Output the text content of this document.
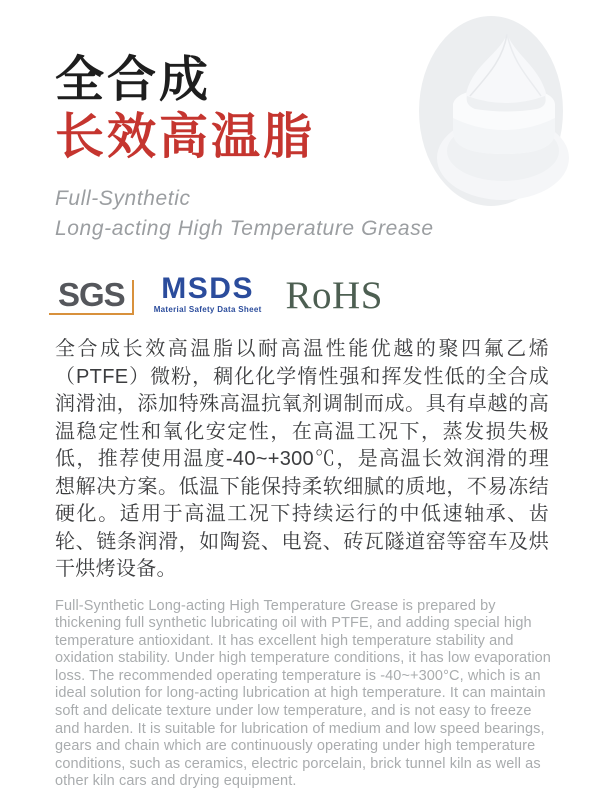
全合成
长效高温脂
Full-Synthetic
Long-acting High Temperature Grease
SGS	MSDS
Material Safety Data Sheet RoHS
全合成长效高温脂以耐高温性能优越的聚四氟乙烯（PTFE）微粉，稠化化学惰性强和挥发性低的全合成润滑油，添加特殊高温抗氧剂调制而成。具有卓越的高温稳定性和氧化安定性，在高温工况下，蒸发损失极低，推荐使用温度-40~+300℃，是高温长效润滑的理想解决方案。低温下能保持柔软细腻的质地，不易冻结硬化。适用于高温工况下持续运行的中低速轴承、齿轮、链条润滑，如陶瓷、电瓷、砖瓦隧道窑等窑车及烘干烘烤设备。
Full-Synthetic Long-acting High Temperature Grease is prepared by thickening full synthetic lubricating oil with PTFE, and adding special high temperature antioxidant. It has excellent high temperature stability and oxidation stability. Under high temperature conditions, it has low evaporation loss. The recommended operating temperature is -40~+300°C, which is an ideal solution for long-acting lubrication at high temperature. It can maintain soft and delicate texture under low temperature, and is not easy to freeze and harden. It is suitable for lubrication of medium and low speed bearings, gears and chain which are continuously operating under high temperature conditions, such as ceramics, electric porcelain, brick tunnel kiln as well as other kiln cars and drying equipment.
